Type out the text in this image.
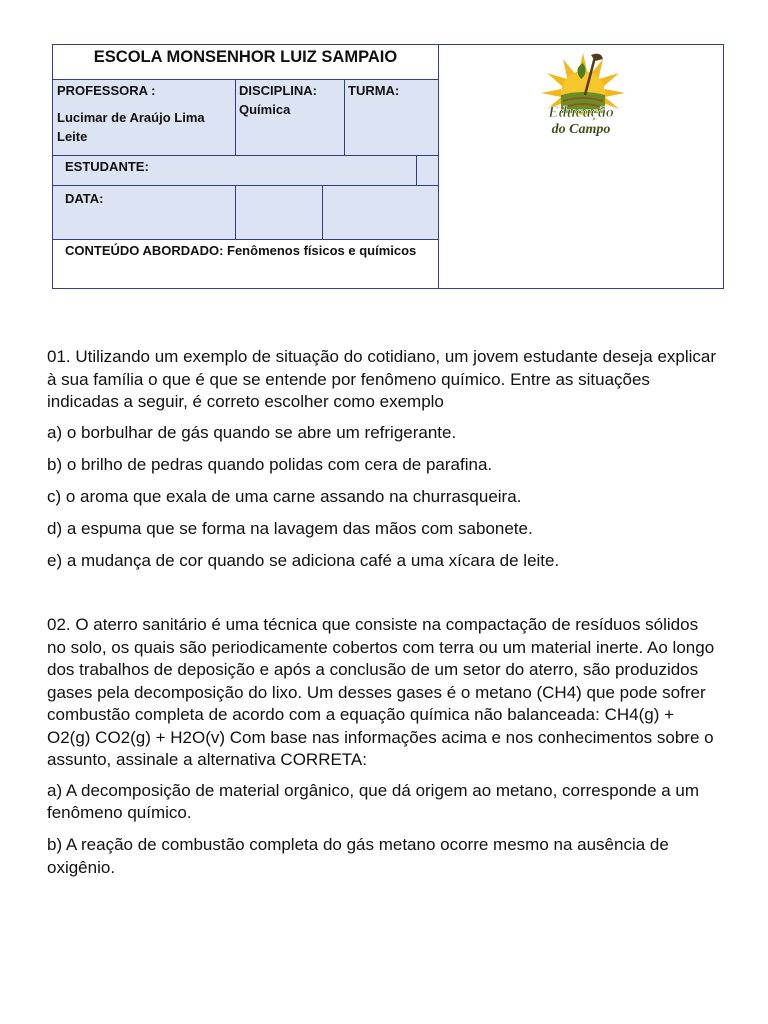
ESCOLA MONSENHOR LUIZ SAMPAIO
PROFESSORA :
Lucimar de Araújo Lima Leite
DISCIPLINA:
Química
TURMA:
ESTUDANTE:
DATA:
CONTEÚDO ABORDADO: Fenômenos físicos e químicos
Educação
do Campo

01. Utilizando um exemplo de situação do cotidiano, um jovem estudante deseja explicar à sua família o que é que se entende por fenômeno químico. Entre as situações indicadas a seguir, é correto escolher como exemplo

a) o borbulhar de gás quando se abre um refrigerante.

b) o brilho de pedras quando polidas com cera de parafina.

c) o aroma que exala de uma carne assando na churrasqueira.

d) a espuma que se forma na lavagem das mãos com sabonete.

e) a mudança de cor quando se adiciona café a uma xícara de leite.

02. O aterro sanitário é uma técnica que consiste na compactação de resíduos sólidos no solo, os quais são periodicamente cobertos com terra ou um material inerte. Ao longo dos trabalhos de deposição e após a conclusão de um setor do aterro, são produzidos gases pela decomposição do lixo. Um desses gases é o metano (CH4) que pode sofrer combustão completa de acordo com a equação química não balanceada: CH4(g) + O2(g) CO2(g) + H2O(v) Com base nas informações acima e nos conhecimentos sobre o assunto, assinale a alternativa CORRETA:

a) A decomposição de material orgânico, que dá origem ao metano, corresponde a um fenômeno químico.

b) A reação de combustão completa do gás metano ocorre mesmo na ausência de oxigênio.
